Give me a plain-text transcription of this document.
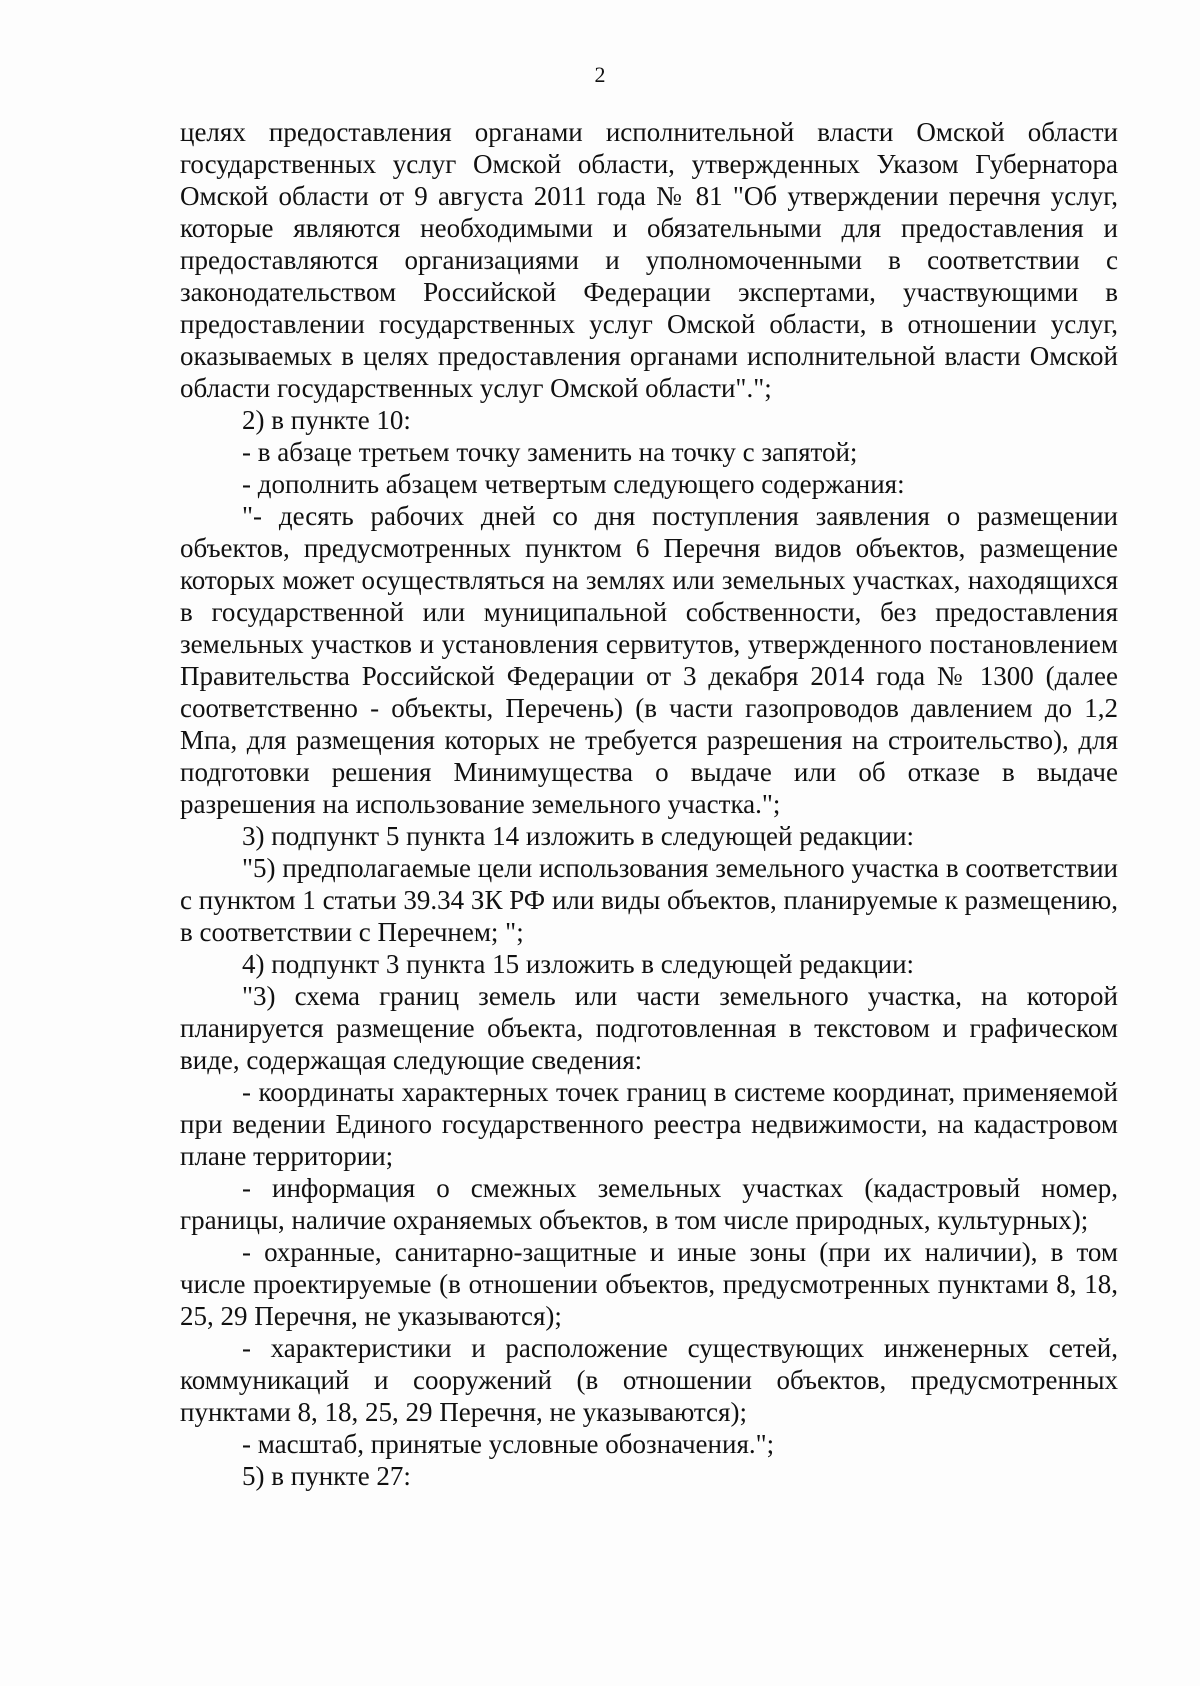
2

целях предоставления органами исполнительной власти Омской области государственных услуг Омской области, утвержденных Указом Губернатора Омской области от 9 августа 2011 года № 81 "Об утверждении перечня услуг, которые являются необходимыми и обязательными для предоставления и предоставляются организациями и уполномоченными в соответствии с законодательством Российской Федерации экспертами, участвующими в предоставлении государственных услуг Омской области, в отношении услуг, оказываемых в целях предоставления органами исполнительной власти Омской области государственных услуг Омской области".";

2) в пункте 10:

- в абзаце третьем точку заменить на точку с запятой;

- дополнить абзацем четвертым следующего содержания:

"- десять рабочих дней со дня поступления заявления о размещении объектов, предусмотренных пунктом 6 Перечня видов объектов, размещение которых может осуществляться на землях или земельных участках, находящихся в государственной или муниципальной собственности, без предоставления земельных участков и установления сервитутов, утвержденного постановлением Правительства Российской Федерации от 3 декабря 2014 года № 1300 (далее соответственно - объекты, Перечень) (в части газопроводов давлением до 1,2 Мпа, для размещения которых не требуется разрешения на строительство), для подготовки решения Минимущества о выдаче или об отказе в выдаче разрешения на использование земельного участка.";

3) подпункт 5 пункта 14 изложить в следующей редакции:

"5) предполагаемые цели использования земельного участка в соответствии с пунктом 1 статьи 39.34 ЗК РФ или виды объектов, планируемые к размещению, в соответствии с Перечнем; ";

4) подпункт 3 пункта 15 изложить в следующей редакции:

"3) схема границ земель или части земельного участка, на которой планируется размещение объекта, подготовленная в текстовом и графическом виде, содержащая следующие сведения:

- координаты характерных точек границ в системе координат, применяемой при ведении Единого государственного реестра недвижимости, на кадастровом плане территории;

- информация о смежных земельных участках (кадастровый номер, границы, наличие охраняемых объектов, в том числе природных, культурных);

- охранные, санитарно-защитные и иные зоны (при их наличии), в том числе проектируемые (в отношении объектов, предусмотренных пунктами 8, 18, 25, 29 Перечня, не указываются);

- характеристики и расположение существующих инженерных сетей, коммуникаций и сооружений (в отношении объектов, предусмотренных пунктами 8, 18, 25, 29 Перечня, не указываются);

- масштаб, принятые условные обозначения.";

5) в пункте 27:
